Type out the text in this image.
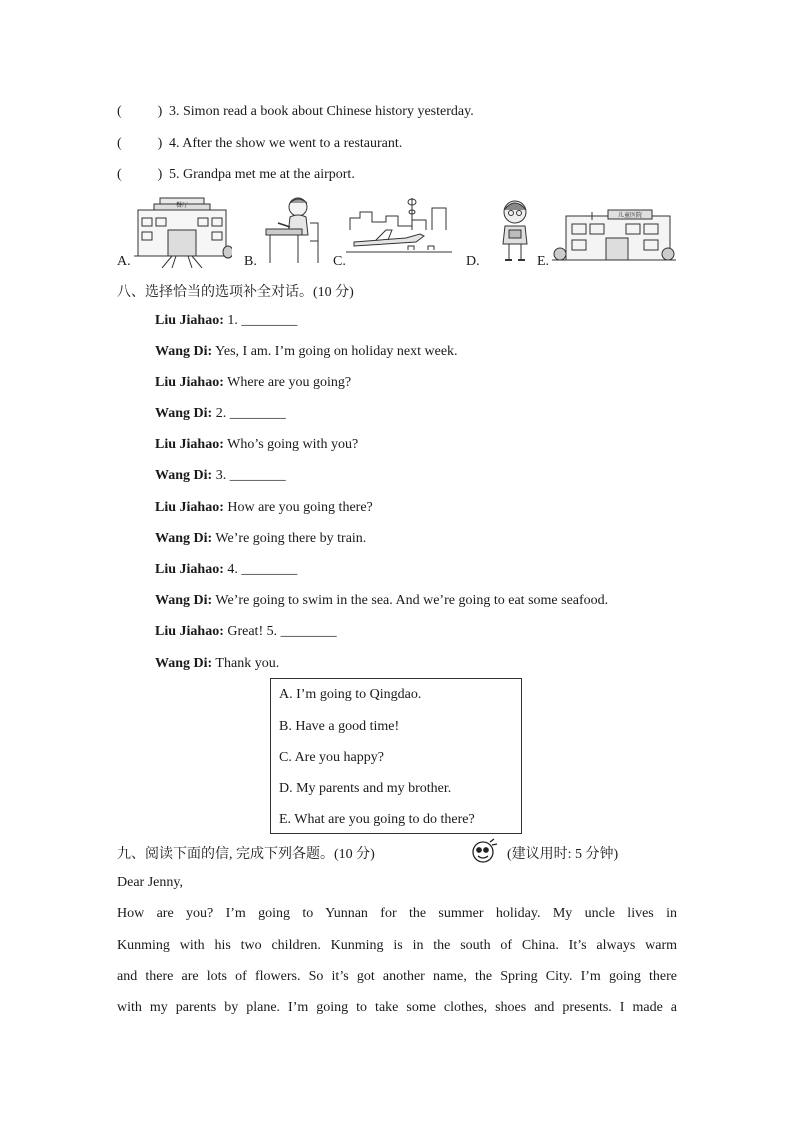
(	) 3. Simon read a book about Chinese history yesterday.
(	) 4. After the show we went to a restaurant.
(	) 5. Grandpa met me at the airport.
A.
餐厅
B.	C.	D.	E.
儿童医院
八、选择恰当的选项补全对话。(10 分)
Liu Jiahao: 1. ________
Wang Di: Yes, I am. I’m going on holiday next week.
Liu Jiahao: Where are you going?
Wang Di: 2. ________
Liu Jiahao: Who’s going with you?
Wang Di: 3. ________
Liu Jiahao: How are you going there?
Wang Di: We’re going there by train.
Liu Jiahao: 4. ________
Wang Di: We’re going to swim in the sea. And we’re going to eat some seafood.
Liu Jiahao: Great! 5. ________
Wang Di: Thank you.
A. I’m going to Qingdao.
B. Have a good time!
C. Are you happy?
D. My parents and my brother.
E. What are you going to do there?
九、阅读下面的信, 完成下列各题。(10 分)	(建议用时: 5 分钟)
Dear Jenny,
How are you? I’m going to Yunnan for the summer holiday. My uncle lives in
Kunming with his two children. Kunming is in the south of China. It’s always warm
and there are lots of flowers. So it’s got another name, the Spring City. I’m going there
with my parents by plane. I’m going to take some clothes, shoes and presents. I made a
